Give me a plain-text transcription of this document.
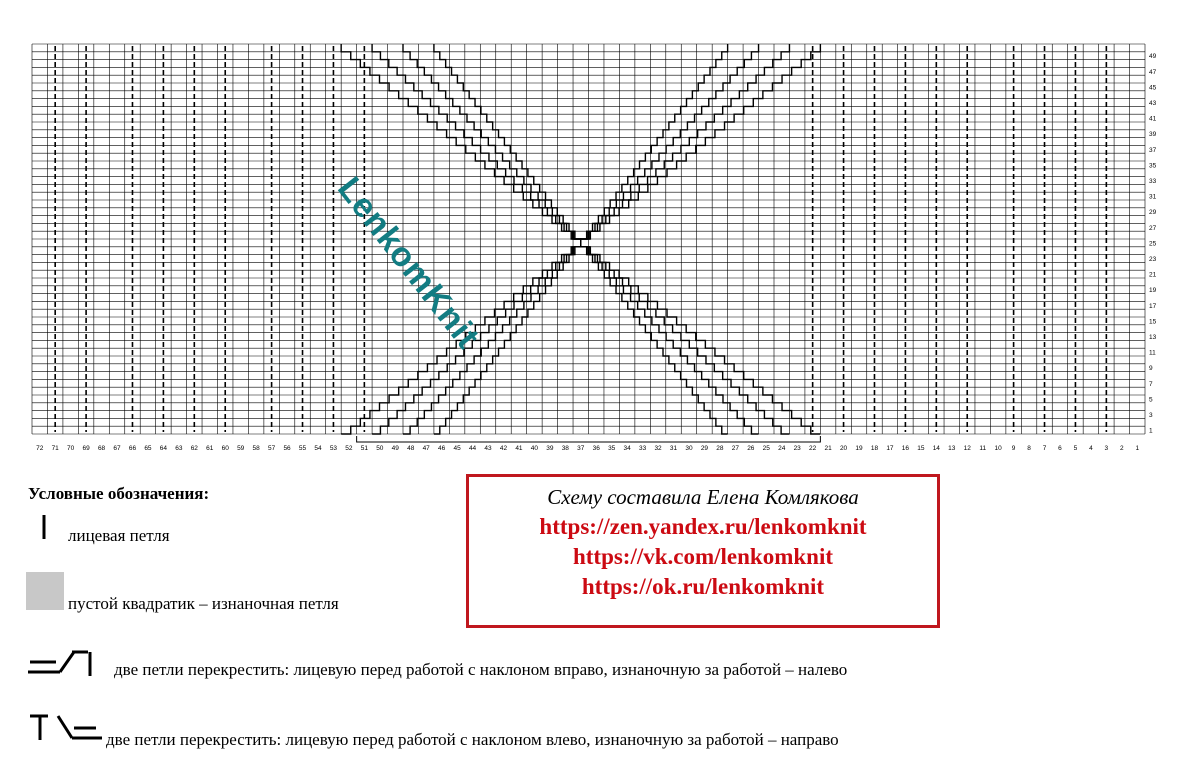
72 71 70 69 68 67 66 65 64 63 62 61 60 59 58 57 56 55 54 53 52 51 50 49 48 47 46 45 44 43 42 41 40 39 38 37 36 35 34 33 32 31 30 29 28 27 26 25 24 23 22 21 20 19 18 17 16 15 14 13 12 11 10 9 8 7 6 5 4 3 2 1
49
47
45
43
41
39
37
35
33
31
29
27
25
23
21
19
17
15
13
11
9
7
5
3
1
LenkomKnit
Условные обозначения:
лицевая петля
пустой квадратик – изнаночная петля
две петли перекрестить: лицевую перед работой с наклоном вправо, изнаночную за работой – налево
две петли перекрестить: лицевую перед работой с наклоном влево, изнаночную за работой – направо
Схему составила Елена Комлякова
https://zen.yandex.ru/lenkomknit
https://vk.com/lenkomknit
https://ok.ru/lenkomknit
